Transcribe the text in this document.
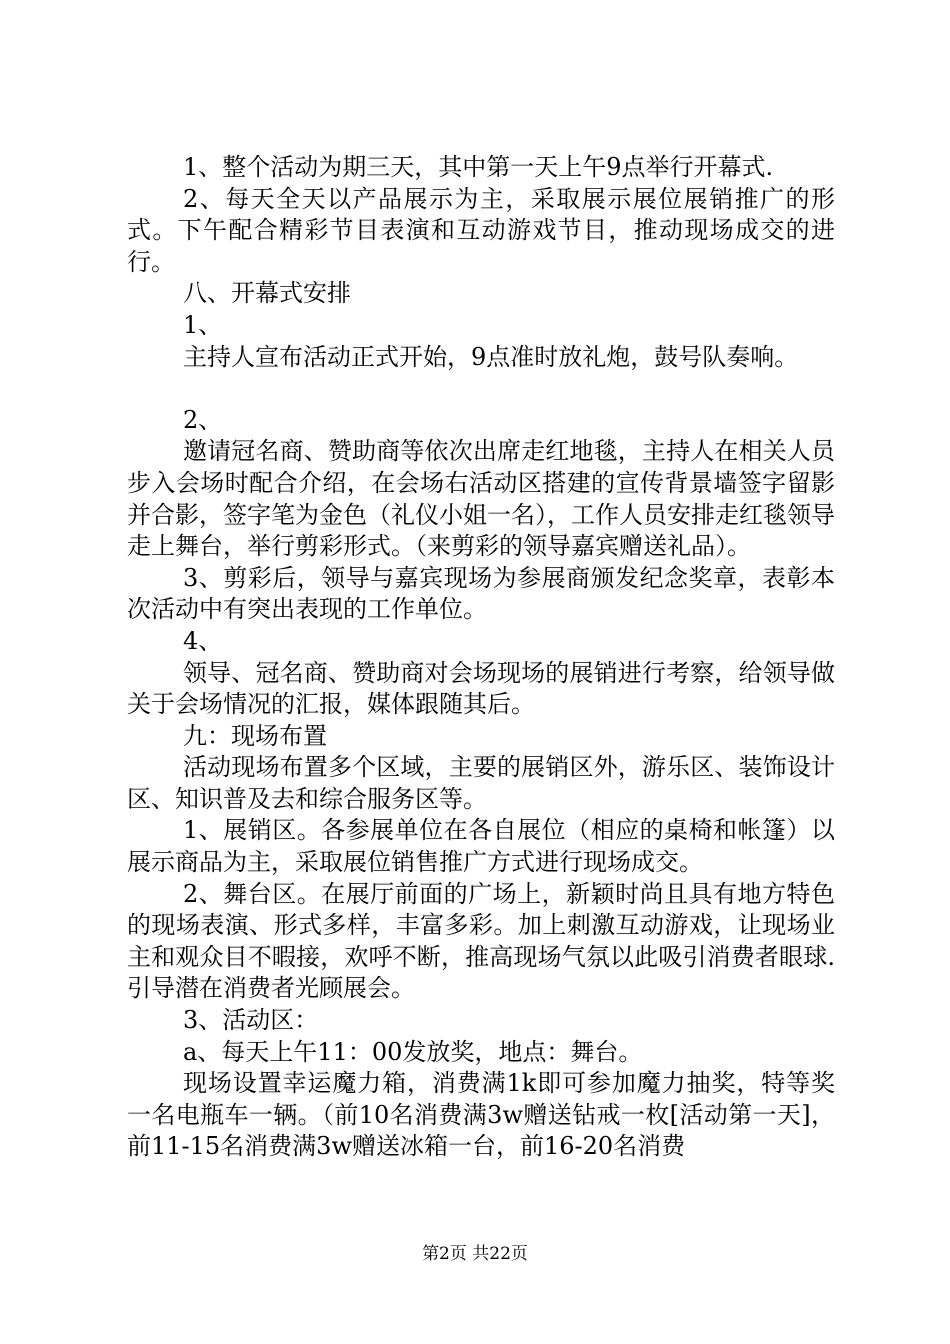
1、整个活动为期三天，其中第一天上午9点举行开幕式.

2、每天全天以产品展示为主，采取展示展位展销推广的形式。下午配合精彩节目表演和互动游戏节目，推动现场成交的进行。

八、开幕式安排

1、

主持人宣布活动正式开始，9点准时放礼炮，鼓号队奏响。

2、

邀请冠名商、赞助商等依次出席走红地毯，主持人在相关人员步入会场时配合介绍，在会场右活动区搭建的宣传背景墙签字留影并合影，签字笔为金色（礼仪小姐一名），工作人员安排走红毯领导走上舞台，举行剪彩形式。（来剪彩的领导嘉宾赠送礼品）。

3、剪彩后，领导与嘉宾现场为参展商颁发纪念奖章，表彰本次活动中有突出表现的工作单位。

4、

领导、冠名商、赞助商对会场现场的展销进行考察，给领导做关于会场情况的汇报，媒体跟随其后。

九：现场布置

活动现场布置多个区域，主要的展销区外，游乐区、装饰设计区、知识普及去和综合服务区等。

1、展销区。各参展单位在各自展位（相应的桌椅和帐篷）以展示商品为主，采取展位销售推广方式进行现场成交。

2、舞台区。在展厅前面的广场上，新颖时尚且具有地方特色的现场表演、形式多样，丰富多彩。加上刺激互动游戏，让现场业主和观众目不暇接，欢呼不断，推高现场气氛以此吸引消费者眼球.引导潜在消费者光顾展会。

3、活动区：

a、每天上午11：00发放奖，地点：舞台。

现场设置幸运魔力箱，消费满1k即可参加魔力抽奖，特等奖一名电瓶车一辆。（前10名消费满3w赠送钻戒一枚[活动第一天]，前11-15名消费满3w赠送冰箱一台，前16-20名消费

第2页 共22页
